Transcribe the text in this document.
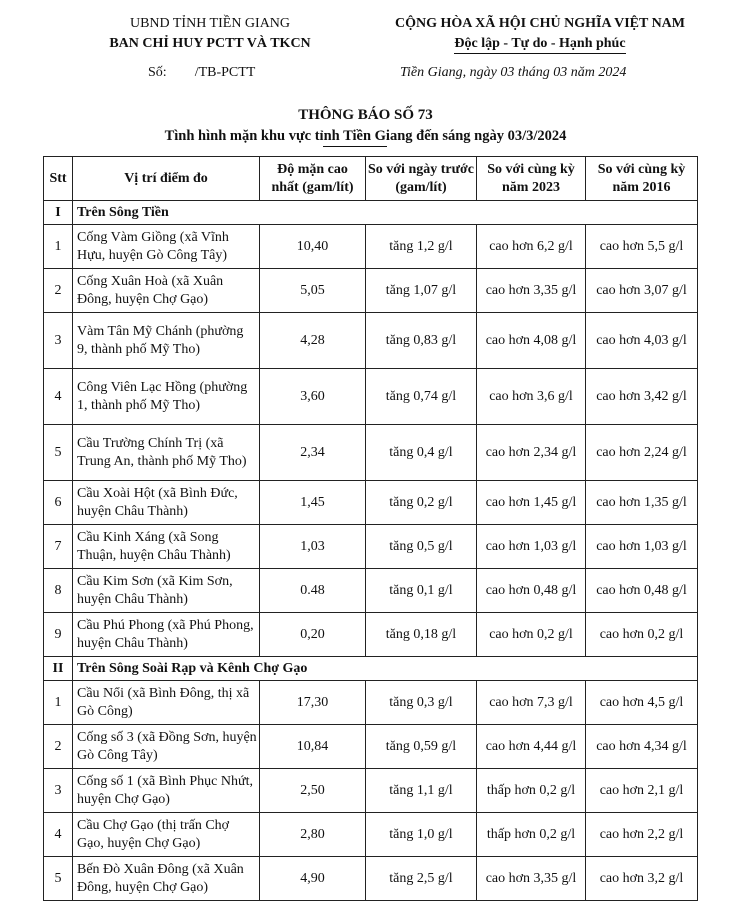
UBND TỈNH TIỀN GIANG
BAN CHỈ HUY PCTT VÀ TKCN
CỘNG HÒA XÃ HỘI CHỦ NGHĨA VIỆT NAM
Độc lập - Tự do - Hạnh phúc
Số: /TB-PCTT	Tiền Giang, ngày 03 tháng 03 năm 2024
THÔNG BÁO SỐ 73
Tình hình mặn khu vực tỉnh Tiền Giang đến sáng ngày 03/3/2024
Stt	Vị trí điểm đo	Độ mặn cao nhất (gam/lít)	So với ngày trước (gam/lít)	So với cùng kỳ năm 2023	So với cùng kỳ năm 2016
I	Trên Sông Tiền				
1	Cống Vàm Giồng (xã Vĩnh Hựu, huyện Gò Công Tây)	10,40	tăng 1,2 g/l	cao hơn 6,2 g/l	cao hơn 5,5 g/l
2	Cống Xuân Hoà (xã Xuân Đông, huyện Chợ Gạo)	5,05	tăng 1,07 g/l	cao hơn 3,35 g/l	cao hơn 3,07 g/l
3	Vàm Tân Mỹ Chánh (phường 9, thành phố Mỹ Tho)	4,28	tăng 0,83 g/l	cao hơn 4,08 g/l	cao hơn 4,03 g/l
4	Công Viên Lạc Hồng (phường 1, thành phố Mỹ Tho)	3,60	tăng 0,74 g/l	cao hơn 3,6 g/l	cao hơn 3,42 g/l
5	Cầu Trường Chính Trị (xã Trung An, thành phố Mỹ Tho)	2,34	tăng 0,4 g/l	cao hơn 2,34 g/l	cao hơn 2,24 g/l
6	Cầu Xoài Hột (xã Bình Đức, huyện Châu Thành)	1,45	tăng 0,2 g/l	cao hơn 1,45 g/l	cao hơn 1,35 g/l
7	Cầu Kinh Xáng (xã Song Thuận, huyện Châu Thành)	1,03	tăng 0,5 g/l	cao hơn 1,03 g/l	cao hơn 1,03 g/l
8	Cầu Kim Sơn (xã Kim Sơn, huyện Châu Thành)	0.48	tăng 0,1 g/l	cao hơn 0,48 g/l	cao hơn 0,48 g/l
9	Cầu Phú Phong (xã Phú Phong, huyện Châu Thành)	0,20	tăng 0,18 g/l	cao hơn 0,2 g/l	cao hơn 0,2 g/l
II	Trên Sông Soài Rạp và Kênh Chợ Gạo				
1	Cầu Nổi (xã Bình Đông, thị xã Gò Công)	17,30	tăng 0,3 g/l	cao hơn 7,3 g/l	cao hơn 4,5 g/l
2	Cống số 3 (xã Đồng Sơn, huyện Gò Công Tây)	10,84	tăng 0,59 g/l	cao hơn 4,44 g/l	cao hơn 4,34 g/l
3	Cống số 1 (xã Bình Phục Nhứt, huyện Chợ Gạo)	2,50	tăng 1,1 g/l	thấp hơn 0,2 g/l	cao hơn 2,1 g/l
4	Cầu Chợ Gạo (thị trấn Chợ Gạo, huyện Chợ Gạo)	2,80	tăng 1,0 g/l	thấp hơn 0,2 g/l	cao hơn 2,2 g/l
5	Bến Đò Xuân Đông (xã Xuân Đông, huyện Chợ Gạo)	4,90	tăng 2,5 g/l	cao hơn 3,35 g/l	cao hơn 3,2 g/l
